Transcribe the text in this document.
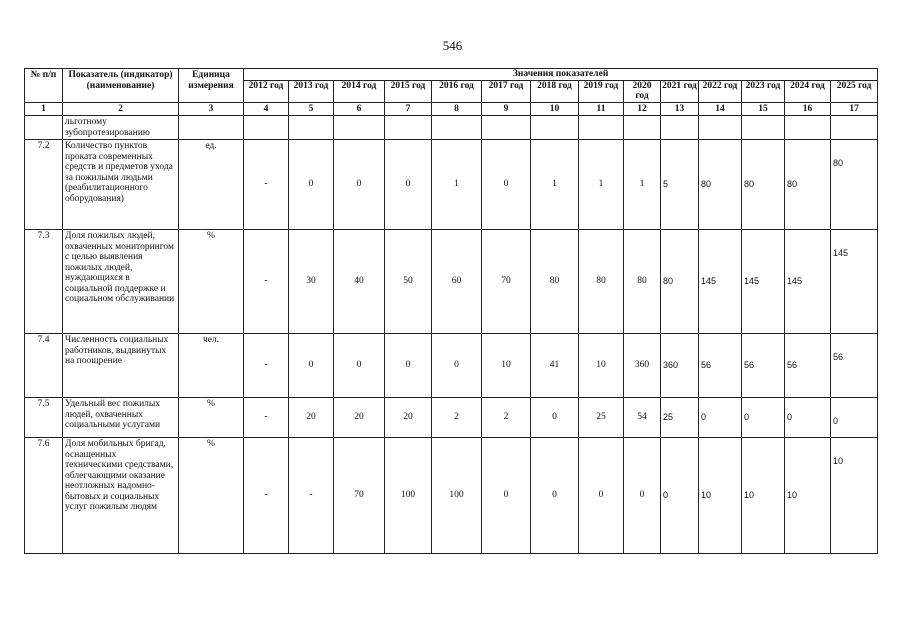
546
№ п/п	Показатель (индикатор) (наименование)	Единица измерения	Значения показателей													
			2012 год	2013 год	2014 год	2015 год	2016 год	2017 год	2018 год	2019 год	2020 год	2021 год	2022 год	2023 год	2024 год	2025 год
1	2	3	4	5	6	7	8	9	10	11	12	13	14	15	16	17
	льготному зубопротезированию															
7.2	Количество пунктов проката современных средств и предметов ухода за пожилыми людьми (реабилитационного оборудования)	ед.	-	0	0	0	1	0	1	1	1	5	80	80	80	80
7.3	Доля пожилых людей, охваченных мониторингом с целью выявления пожилых людей, нуждающихся в социальной поддержке и социальном обслуживании	%	-	30	40	50	60	70	80	80	80	80	145	145	145	145
7.4	Численность социальных работников, выдвинутых на поощрение	чел.	-	0	0	0	0	10	41	10	360	360	56	56	56	56
7.5	Удельный вес пожилых людей, охваченных социальными услугами	%	-	20	20	20	2	2	0	25	54	25	0	0	0	0
7.6	Доля мобильных бригад, оснащенных техническими средствами, облегчающими оказание неотложных надомно-бытовых и социальных услуг пожилым людям	%	-	-	70	100	100	0	0	0	0	0	10	10	10	10
